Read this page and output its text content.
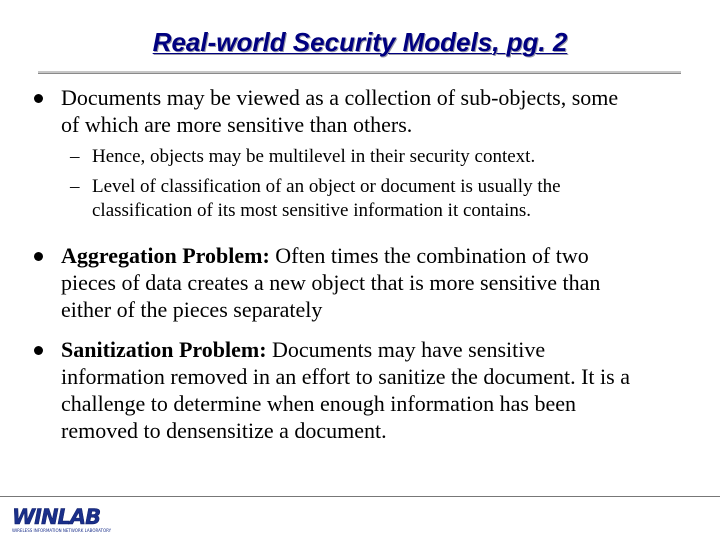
Real-world Security Models, pg. 2
Documents may be viewed as a collection of sub-objects, some
of which are more sensitive than others.
– Hence, objects may be multilevel in their security context.
– Level of classification of an object or document is usually the
classification of its most sensitive information it contains.
Aggregation Problem: Often times the combination of two
pieces of data creates a new object that is more sensitive than
either of the pieces separately
Sanitization Problem: Documents may have sensitive
information removed in an effort to sanitize the document. It is a
challenge to determine when enough information has been
removed to densensitize a document.
WINLAB
WIRELESS INFORMATION NETWORK LABORATORY
